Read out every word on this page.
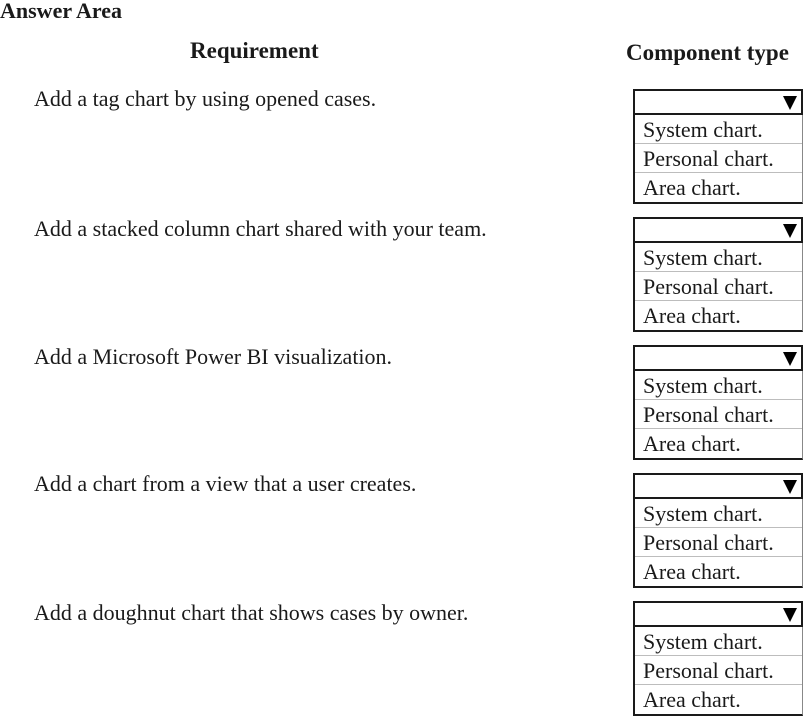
Answer Area
Requirement	Component type
Add a tag chart by using opened cases.
System chart.
Personal chart.
Area chart.
Add a stacked column chart shared with your team.
System chart.
Personal chart.
Area chart.
Add a Microsoft Power BI visualization.
System chart.
Personal chart.
Area chart.
Add a chart from a view that a user creates.
System chart.
Personal chart.
Area chart.
Add a doughnut chart that shows cases by owner.
System chart.
Personal chart.
Area chart.
